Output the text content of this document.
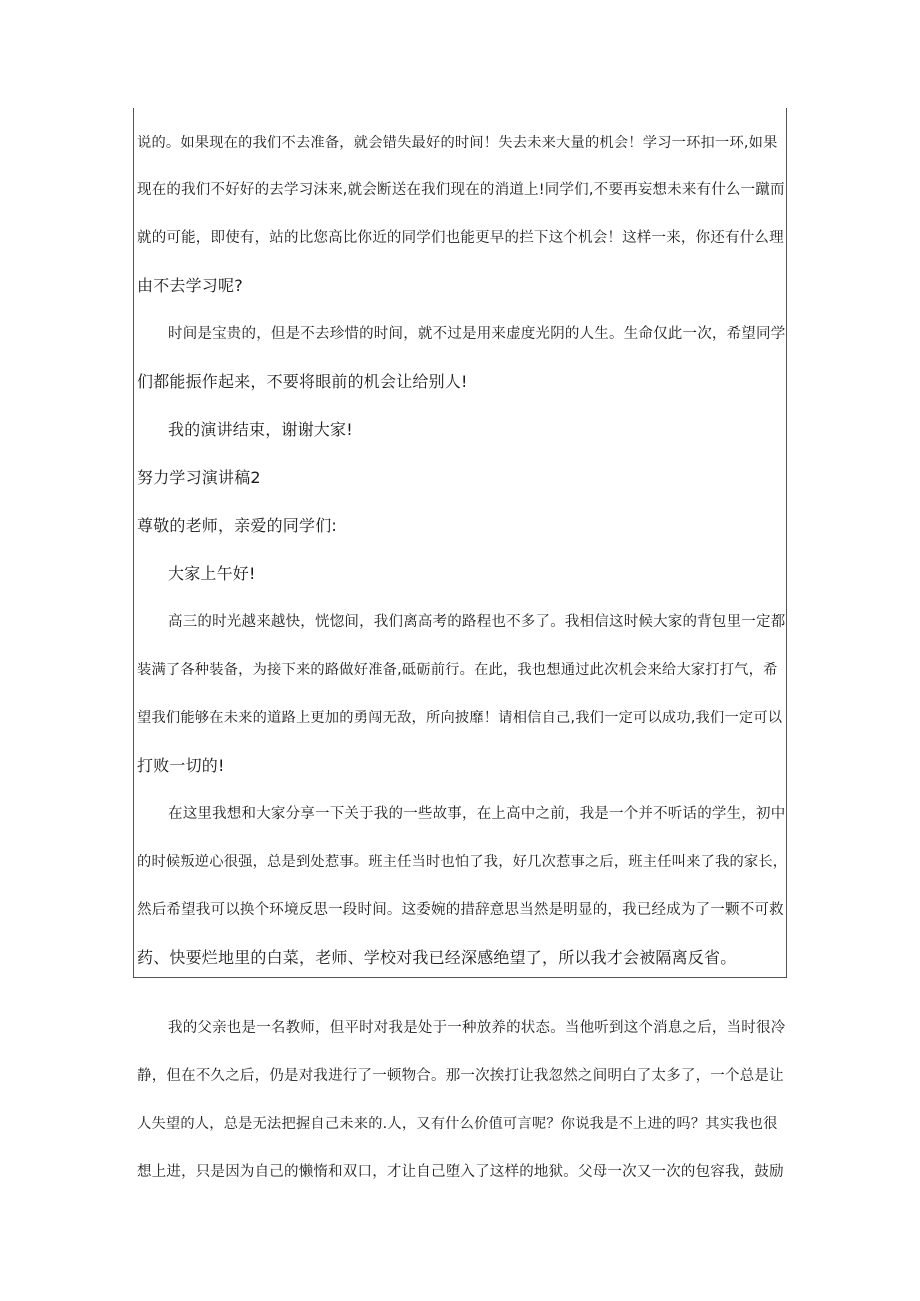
说的。如果现在的我们不去准备，就会错失最好的时间！失去未来大量的机会！学习一环扣一环,如果
现在的我们不好好的去学习沫来,就会断送在我们现在的消道上!同学们,不要再妄想未来有什么一蹴而
就的可能，即使有，站的比您高比你近的同学们也能更早的拦下这个机会！这样一来，你还有什么理
由不去学习呢?
时间是宝贵的，但是不去珍惜的时间，就不过是用来虚度光阴的人生。生命仅此一次，希望同学
们都能振作起来，不要将眼前的机会让给别人!
我的演讲结束，谢谢大家!
努力学习演讲稿2
尊敬的老师，亲爱的同学们:
大家上午好!
高三的时光越来越快，恍惚间，我们离高考的路程也不多了。我相信这时候大家的背包里一定都
装满了各种装备，为接下来的路做好准备,砥砺前行。在此，我也想通过此次机会来给大家打打气，希
望我们能够在未来的道路上更加的勇闯无敌，所向披靡！请相信自己,我们一定可以成功,我们一定可以
打败一切的!
在这里我想和大家分享一下关于我的一些故事，在上高中之前，我是一个并不听话的学生，初中
的时候叛逆心很强，总是到处惹事。班主任当时也怕了我，好几次惹事之后，班主任叫来了我的家长，
然后希望我可以换个环境反思一段时间。这委婉的措辞意思当然是明显的，我已经成为了一颗不可救
药、快要烂地里的白菜，老师、学校对我已经深感绝望了，所以我才会被隔离反省。
我的父亲也是一名教师，但平时对我是处于一种放养的状态。当他听到这个消息之后，当时很冷
静，但在不久之后，仍是对我进行了一顿物合。那一次挨打让我忽然之间明白了太多了，一个总是让
人失望的人，总是无法把握自己未来的.人，又有什么价值可言呢？你说我是不上进的吗？其实我也很
想上进，只是因为自己的懒惰和双口，才让自己堕入了这样的地狱。父母一次又一次的包容我，鼓励
